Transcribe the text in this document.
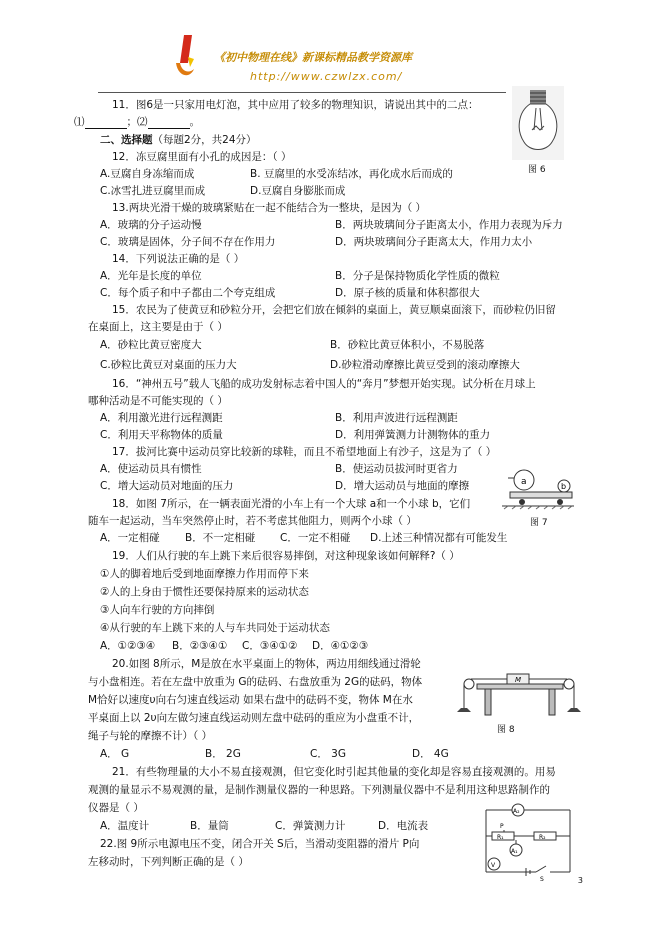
《初中物理在线》新课标精品教学资源库
http://www.czwlzx.com/
11．图6是一只家用电灯泡，其中应用了较多的物理知识，请说出其中的二点：
⑴	；⑵	。
图 6
二、选择题（每题2分，共24分）
12．冻豆腐里面有小孔的成因是：（ ）
A.豆腐自身冻缩而成	B. 豆腐里的水受冻结冰，再化成水后而成的
C.冰雪扎进豆腐里而成	D.豆腐自身膨胀而成
13.两块光滑干燥的玻璃紧贴在一起不能结合为一整块，是因为（ ）
A．玻璃的分子运动慢	B．两块玻璃间分子距离太小，作用力表现为斥力
C．玻璃是固体，分子间不存在作用力	D．两块玻璃间分子距离太大，作用力太小
14．下列说法正确的是（ ）
A．光年是长度的单位	B．分子是保持物质化学性质的微粒
C．每个质子和中子都由二个夸克组成	D．原子核的质量和体积都很大
15．农民为了使黄豆和砂粒分开，会把它们放在倾斜的桌面上，黄豆顺桌面滚下，而砂粒仍旧留
在桌面上，这主要是由于（ ）
A．砂粒比黄豆密度大	B．砂粒比黄豆体积小，不易脱落
C.砂粒比黄豆对桌面的压力大	D.砂粒滑动摩擦比黄豆受到的滚动摩擦大
16．“神州五号”载人飞船的成功发射标志着中国人的“奔月”梦想开始实现。试分析在月球上
哪种活动是不可能实现的（ ）
A．利用激光进行远程测距	B．利用声波进行远程测距
C．利用天平称物体的质量	D．利用弹簧测力计测物体的重力
17．拔河比赛中运动员穿比较新的球鞋，而且不希望地面上有沙子，这是为了（ ）
A．使运动员具有惯性	B．使运动员拔河时更省力
C．增大运动员对地面的压力	D．增大运动员与地面的摩擦	a	b
图 7
18．如图 7所示，在一辆表面光滑的小车上有一个大球 a和一个小球 b，它们
随车一起运动，当车突然停止时，若不考虑其他阻力，则两个小球（ ）
A．一定相碰 B．不一定相碰 C．一定不相碰 D.上述三种情况都有可能发生
19．人们从行驶的车上跳下来后很容易摔倒，对这种现象该如何解释?（ ）
①人的脚着地后受到地面摩擦力作用而停下来
②人的上身由于惯性还要保持原来的运动状态
③人向车行驶的方向摔倒
④从行驶的车上跳下来的人与车共同处于运动状态
A．①②③④ B．②③④① C．③④①② D．④①②③
20.如图 8所示，M是放在水平桌面上的物体，两边用细线通过滑轮
与小盘相连。若在左盘中放重为 G的砝码、右盘放重为 2G的砝码，物体
M恰好以速度υ向右匀速直线运动 如果右盘中的砝码不变，物体 M在水
平桌面上以 2υ向左做匀速直线运动则左盘中砝码的重应为小盘重不计，
绳子与轮的摩擦不计）（ ）
A． G	B． 2G	C． 3G	D． 4G
M
图 8
21．有些物理量的大小不易直接观测，但它变化时引起其他量的变化却是容易直接观测的。用易
观测的量显示不易观测的量，是制作测量仪器的一种思路。下列测量仪器中不是利用这种思路制作的
仪器是（ ）
A．温度计	B．量筒	C．弹簧测力计	D．电流表
22.图 9所示电源电压不变，闭合开关 S后，当滑动变阻器的滑片 P向
左移动时，下列判断正确的是（ ）
A₂
P
R₁	R₂
A₁
V
S	3
